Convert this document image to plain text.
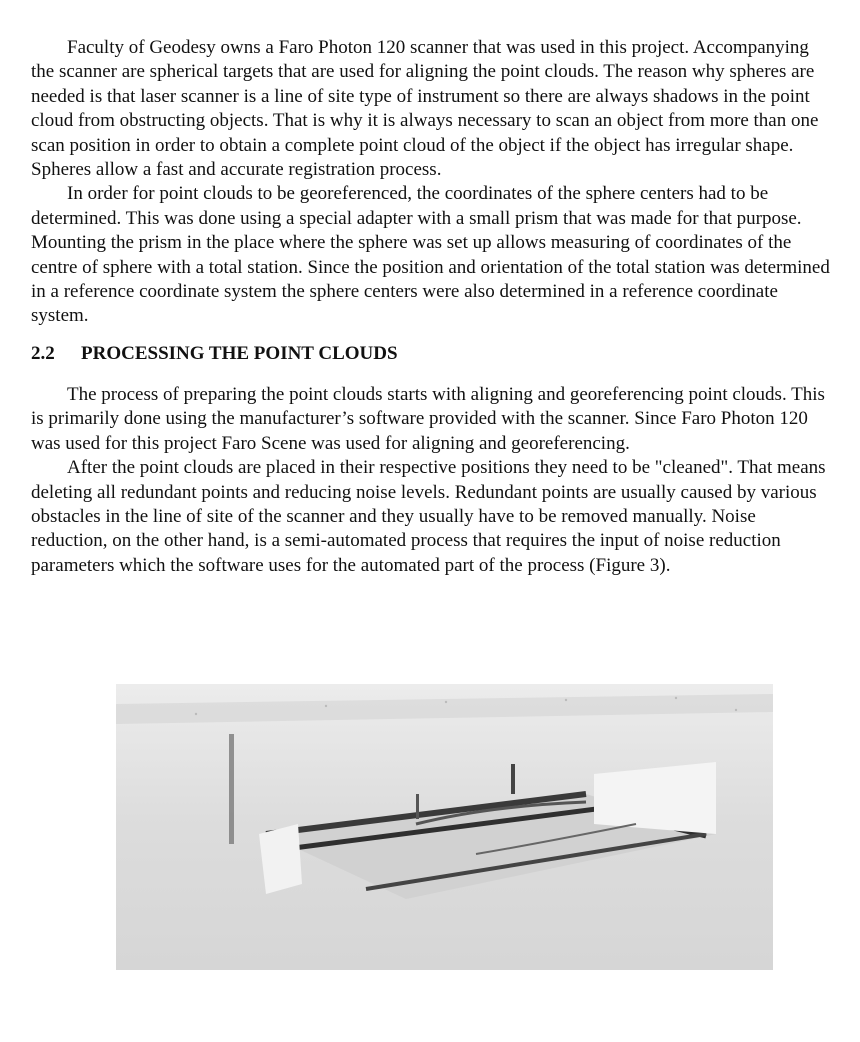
Faculty of Geodesy owns a Faro Photon 120 scanner that was used in this project. Accompanying the scanner are spherical targets that are used for aligning the point clouds. The reason why spheres are needed is that laser scanner is a line of site type of instrument so there are always shadows in the point cloud from obstructing objects. That is why it is always necessary to scan an object from more than one scan position in order to obtain a complete point cloud of the object if the object has irregular shape. Spheres allow a fast and accurate registration process.

In order for point clouds to be georeferenced, the coordinates of the sphere centers had to be determined. This was done using a special adapter with a small prism that was made for that purpose. Mounting the prism in the place where the sphere was set up allows measuring of coordinates of the centre of sphere with a total station. Since the position and orientation of the total station was determined in a reference coordinate system the sphere centers were also determined in a reference coordinate system.

2.2	PROCESSING THE POINT CLOUDS

The process of preparing the point clouds starts with aligning and georeferencing point clouds. This is primarily done using the manufacturer’s software provided with the scanner. Since Faro Photon 120 was used for this project Faro Scene was used for aligning and georeferencing.

After the point clouds are placed in their respective positions they need to be "cleaned". That means deleting all redundant points and reducing noise levels. Redundant points are usually caused by various obstacles in the line of site of the scanner and they usually have to be removed manually. Noise reduction, on the other hand, is a semi-automated process that requires the input of noise reduction parameters which the software uses for the automated part of the process (Figure 3).
